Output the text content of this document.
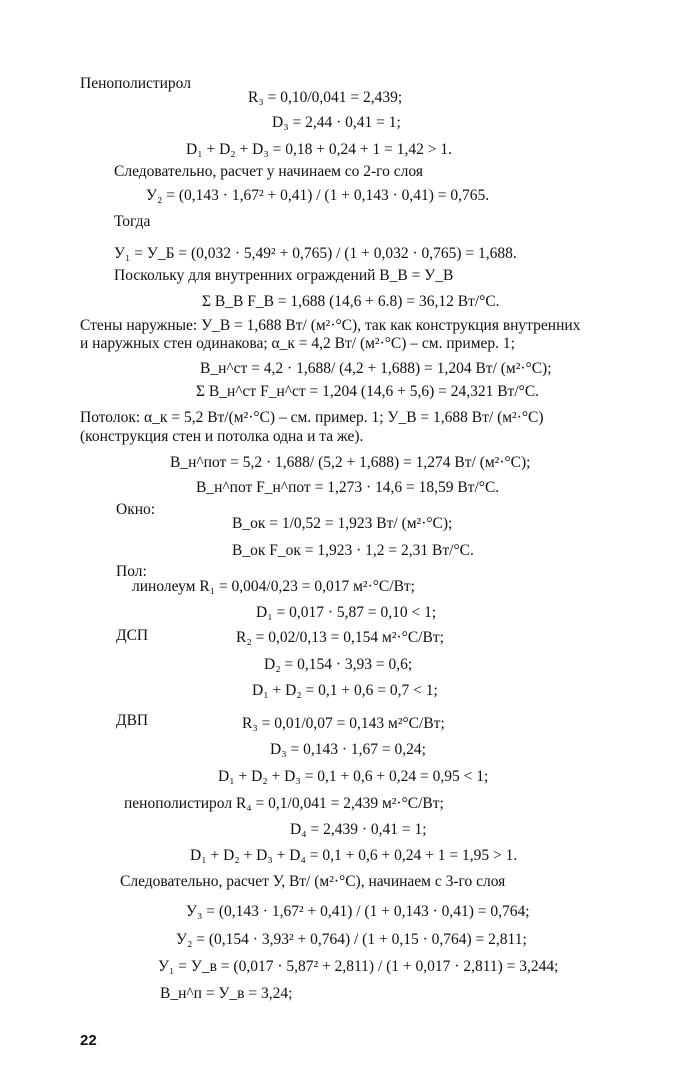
Пенополистирол
R₃ = 0,10/0,041 = 2,439;
D₃ = 2,44 · 0,41 = 1;
D₁ + D₂ + D₃ = 0,18 + 0,24 + 1 = 1,42 > 1.
Следовательно, расчет у начинаем со 2-го слоя
У₂ = (0,143 · 1,67² + 0,41) / (1 + 0,143 · 0,41) = 0,765.
Тогда
У₁ = У_Б = (0,032 · 5,49² + 0,765) / (1 + 0,032 · 0,765) = 1,688.
Поскольку для внутренних ограждений В_В = У_В
Σ В_В F_В = 1,688 (14,6 + 6.8) = 36,12 Вт/°С.
Стены наружные: У_В = 1,688 Вт/ (м²·°С), так как конструкция внутренних
и наружных стен одинакова; α_к = 4,2 Вт/ (м²·°С) – см. пример. 1;
В_н^ст = 4,2 · 1,688/ (4,2 + 1,688) = 1,204 Вт/ (м²·°С);
Σ В_н^ст F_н^ст = 1,204 (14,6 + 5,6) = 24,321 Вт/°С.
Потолок: α_к = 5,2 Вт/(м²·°С) – см. пример. 1; У_В = 1,688 Вт/ (м²·°С)
(конструкция стен и потолка одна и та же).
В_н^пот = 5,2 · 1,688/ (5,2 + 1,688) = 1,274 Вт/ (м²·°С);
В_н^пот F_н^пот = 1,273 · 14,6 = 18,59 Вт/°С.
Окно:
В_ок = 1/0,52 = 1,923 Вт/ (м²·°С);
В_ок F_ок = 1,923 · 1,2 = 2,31 Вт/°С.
Пол:
линолеум R₁ = 0,004/0,23 = 0,017 м²·°С/Вт;
D₁ = 0,017 · 5,87 = 0,10 < 1;
ДСП	R₂ = 0,02/0,13 = 0,154 м²·°С/Вт;
D₂ = 0,154 · 3,93 = 0,6;
D₁ + D₂ = 0,1 + 0,6 = 0,7 < 1;
ДВП	R₃ = 0,01/0,07 = 0,143 м²°С/Вт;
D₃ = 0,143 · 1,67 = 0,24;
D₁ + D₂ + D₃ = 0,1 + 0,6 + 0,24 = 0,95 < 1;
пенополистирол R₄ = 0,1/0,041 = 2,439 м²·°С/Вт;
D₄ = 2,439 · 0,41 = 1;
D₁ + D₂ + D₃ + D₄ = 0,1 + 0,6 + 0,24 + 1 = 1,95 > 1.
Следовательно, расчет У, Вт/ (м²·°С), начинаем с 3-го слоя
У₃ = (0,143 · 1,67² + 0,41) / (1 + 0,143 · 0,41) = 0,764;
У₂ = (0,154 · 3,93² + 0,764) / (1 + 0,15 · 0,764) = 2,811;
У₁ = У_в = (0,017 · 5,87² + 2,811) / (1 + 0,017 · 2,811) = 3,244;
В_н^п = У_в = 3,24;
22
